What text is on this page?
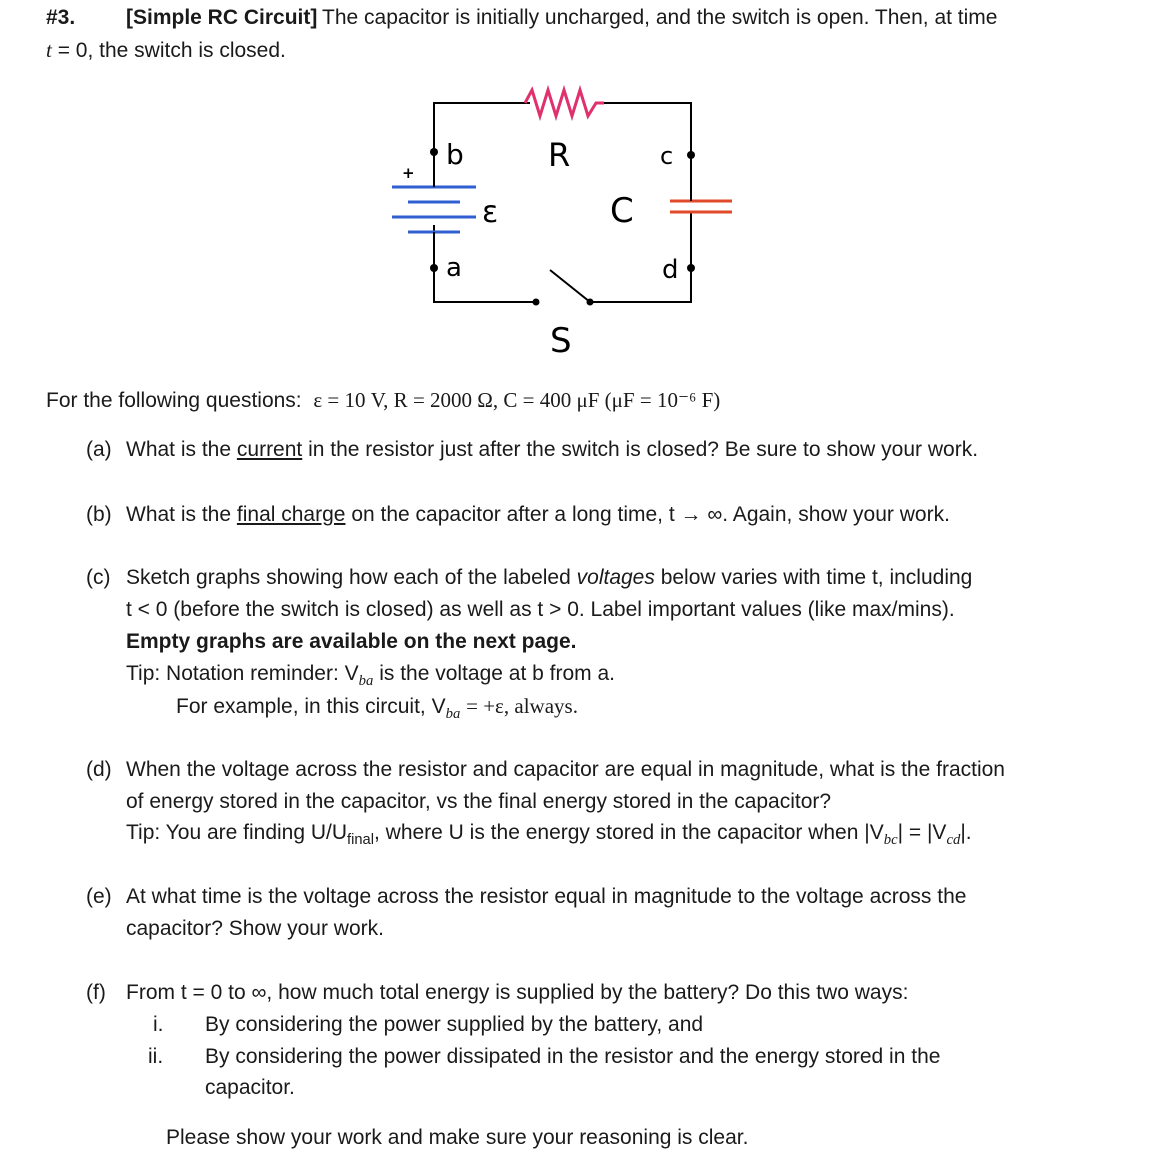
#3. [Simple RC Circuit] The capacitor is initially uncharged, and the switch is open. Then, at time
t = 0, the switch is closed.
+
b
a
ε
R	c
C
d
S
For the following questions: ε = 10 V, R = 2000 Ω, C = 400 μF (μF = 10⁻⁶ F)
(a) What is the current in the resistor just after the switch is closed? Be sure to show your work.
(b) What is the final charge on the capacitor after a long time, t → ∞. Again, show your work.
(c) Sketch graphs showing how each of the labeled voltages below varies with time t, including
t < 0 (before the switch is closed) as well as t > 0. Label important values (like max/mins).
Empty graphs are available on the next page.
Tip: Notation reminder: $V_{ba}$ is the voltage at b from a.
For example, in this circuit, $V_{ba} = +\varepsilon$, always.
(d) When the voltage across the resistor and capacitor are equal in magnitude, what is the fraction
of energy stored in the capacitor, vs the final energy stored in the capacitor?
Tip: You are finding $U/U_{final}$, where U is the energy stored in the capacitor when $|V_{bc}| = |V_{cd}|$.
(e) At what time is the voltage across the resistor equal in magnitude to the voltage across the
capacitor? Show your work.
(f) From t = 0 to ∞, how much total energy is supplied by the battery? Do this two ways:
i. By considering the power supplied by the battery, and
ii. By considering the power dissipated in the resistor and the energy stored in the
capacitor.
Please show your work and make sure your reasoning is clear.
